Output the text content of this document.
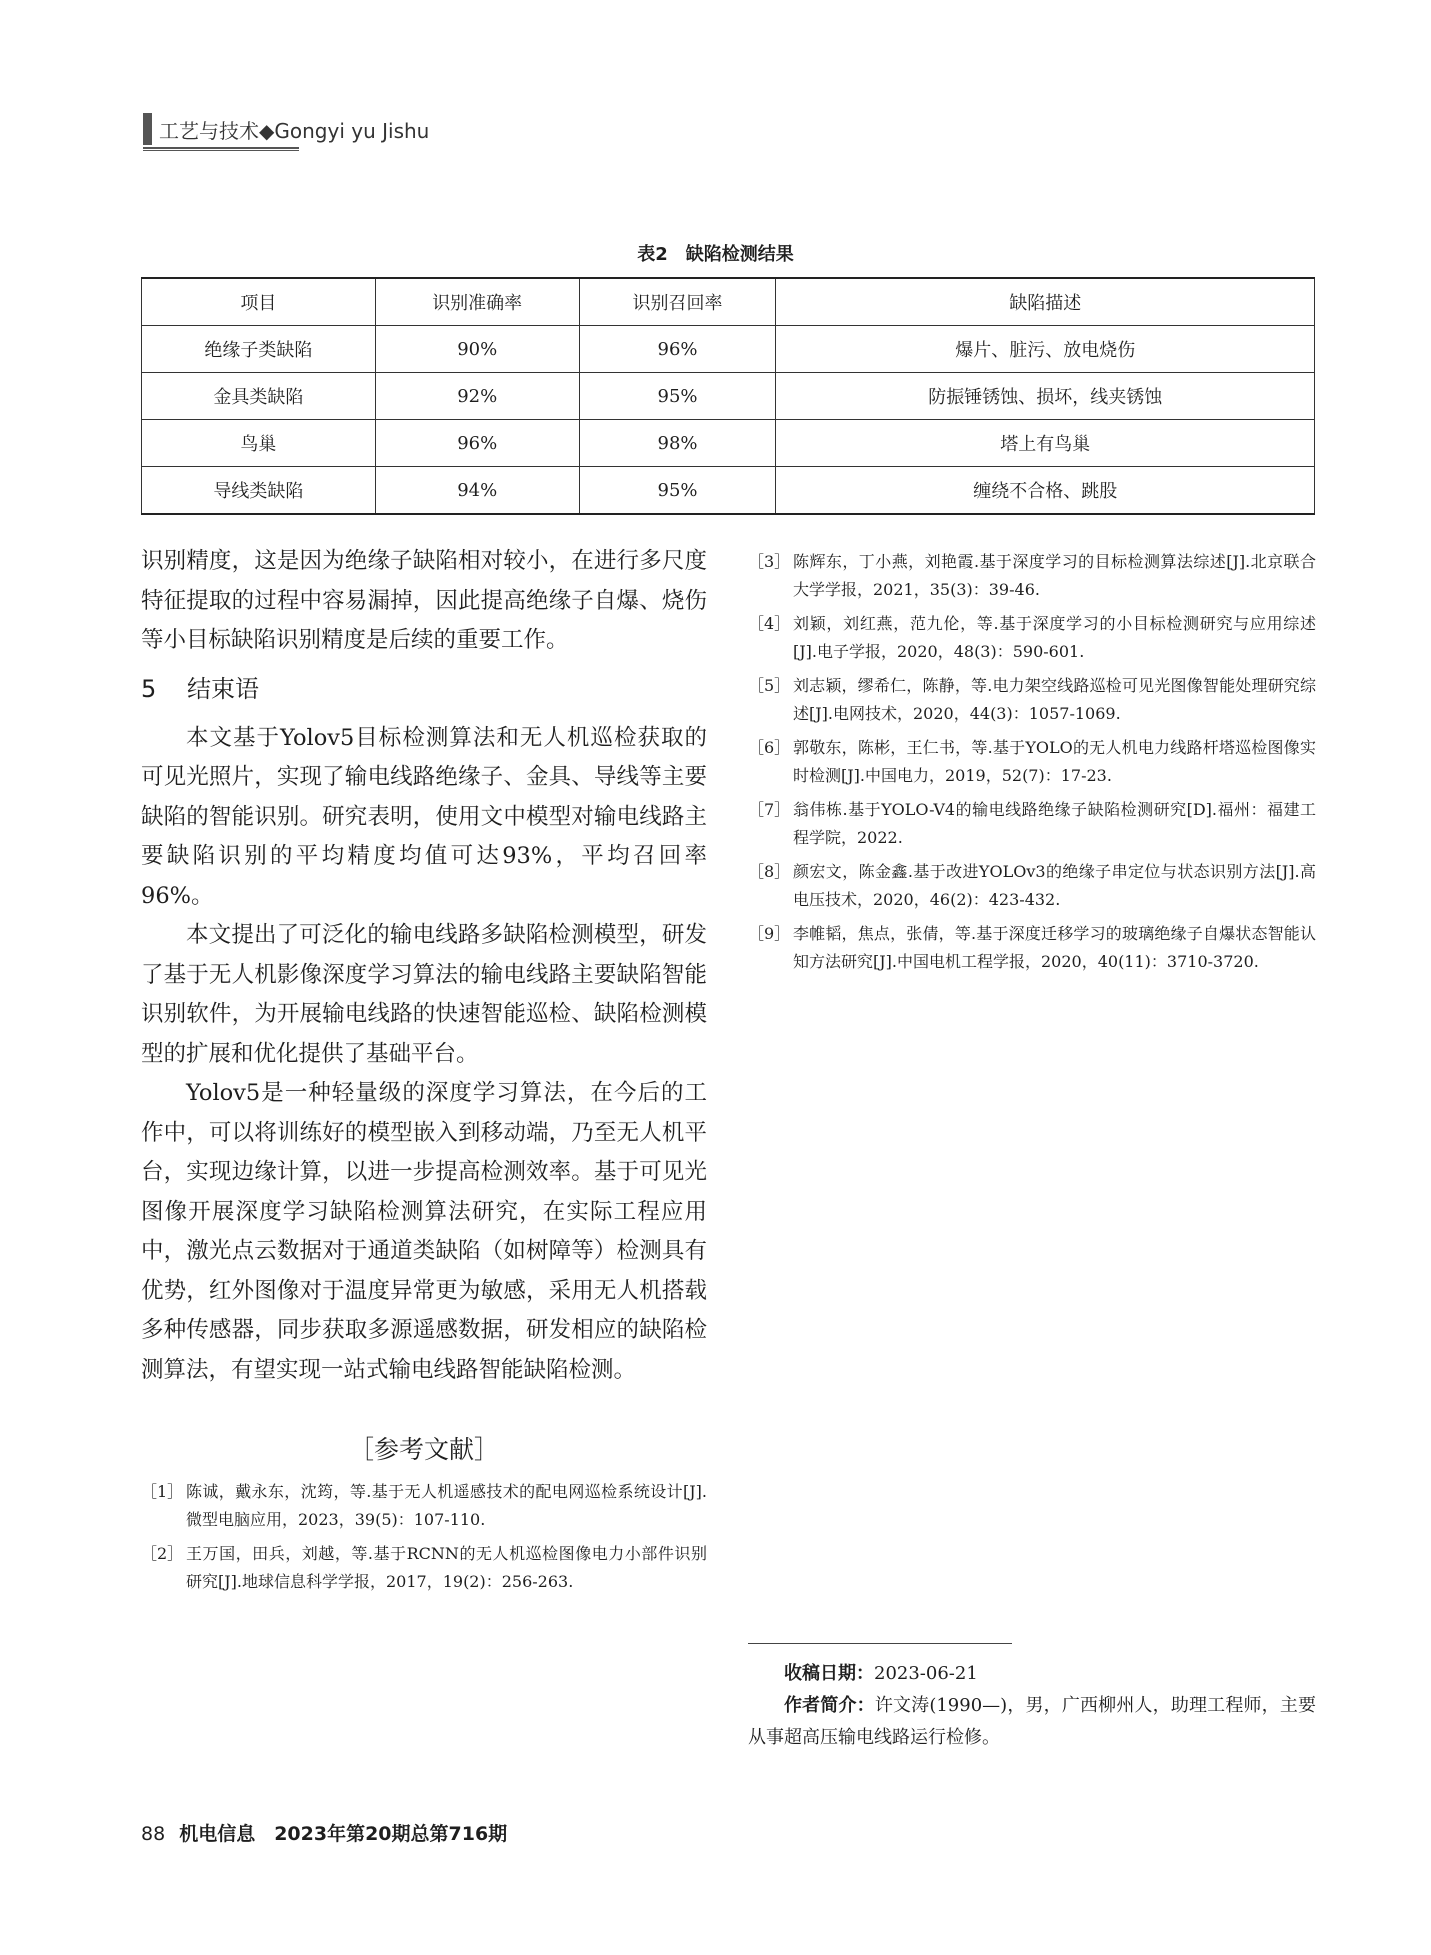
工艺与技术◆Gongyi yu Jishu
表2　缺陷检测结果
项目	识别准确率	识别召回率	缺陷描述
绝缘子类缺陷	90%	96%	爆片、脏污、放电烧伤
金具类缺陷	92%	95%	防振锤锈蚀、损坏，线夹锈蚀
鸟巢	96%	98%	塔上有鸟巢
导线类缺陷	94%	95%	缠绕不合格、跳股

识别精度，这是因为绝缘子缺陷相对较小，在进行多尺度特征提取的过程中容易漏掉，因此提高绝缘子自爆、烧伤等小目标缺陷识别精度是后续的重要工作。

5 结束语

本文基于Yolov5目标检测算法和无人机巡检获取的可见光照片，实现了输电线路绝缘子、金具、导线等主要缺陷的智能识别。研究表明，使用文中模型对输电线路主要缺陷识别的平均精度均值可达93%，平均召回率96%。

本文提出了可泛化的输电线路多缺陷检测模型，研发了基于无人机影像深度学习算法的输电线路主要缺陷智能识别软件，为开展输电线路的快速智能巡检、缺陷检测模型的扩展和优化提供了基础平台。

Yolov5是一种轻量级的深度学习算法，在今后的工作中，可以将训练好的模型嵌入到移动端，乃至无人机平台，实现边缘计算，以进一步提高检测效率。基于可见光图像开展深度学习缺陷检测算法研究，在实际工程应用中，激光点云数据对于通道类缺陷（如树障等）检测具有优势，红外图像对于温度异常更为敏感，采用无人机搭载多种传感器，同步获取多源遥感数据，研发相应的缺陷检测算法，有望实现一站式输电线路智能缺陷检测。

［参考文献］
［1］ 陈诚，戴永东，沈筠，等.基于无人机遥感技术的配电网巡检系统设计[J].微型电脑应用，2023，39(5)：107-110.
［2］ 王万国，田兵，刘越，等.基于RCNN的无人机巡检图像电力小部件识别研究[J].地球信息科学学报，2017，19(2)：256-263.
［3］ 陈辉东，丁小燕，刘艳霞.基于深度学习的目标检测算法综述[J].北京联合大学学报，2021，35(3)：39-46.
［4］ 刘颖，刘红燕，范九伦，等.基于深度学习的小目标检测研究与应用综述[J].电子学报，2020，48(3)：590-601.
［5］ 刘志颖，缪希仁，陈静，等.电力架空线路巡检可见光图像智能处理研究综述[J].电网技术，2020，44(3)：1057-1069.
［6］ 郭敬东，陈彬，王仁书，等.基于YOLO的无人机电力线路杆塔巡检图像实时检测[J].中国电力，2019，52(7)：17-23.
［7］ 翁伟栋.基于YOLO-V4的输电线路绝缘子缺陷检测研究[D].福州：福建工程学院，2022.
［8］ 颜宏文，陈金鑫.基于改进YOLOv3的绝缘子串定位与状态识别方法[J].高电压技术，2020，46(2)：423-432.
［9］ 李帷韬，焦点，张倩，等.基于深度迁移学习的玻璃绝缘子自爆状态智能认知方法研究[J].中国电机工程学报，2020，40(11)：3710-3720.

收稿日期：2023-06-21

作者简介：许文涛(1990—)，男，广西柳州人，助理工程师，主要从事超高压输电线路运行检修。

88 机电信息　2023年第20期总第716期
